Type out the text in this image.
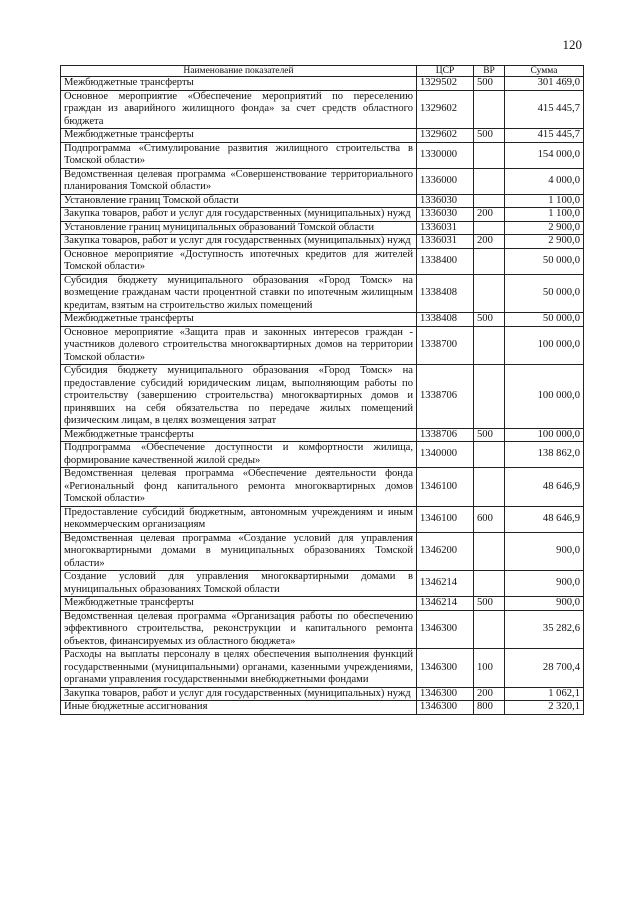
120
Наименование показателей	ЦСР	ВР	Сумма
Межбюджетные трансферты	1329502	500	301 469,0
Основное мероприятие «Обеспечение мероприятий по переселению граждан из аварийного жилищного фонда» за счет средств областного бюджета	1329602		415 445,7
Межбюджетные трансферты	1329602	500	415 445,7
Подпрограмма «Стимулирование развития жилищного строительства в Томской области»	1330000		154 000,0
Ведомственная целевая программа «Совершенствование территориального планирования Томской области»	1336000		4 000,0
Установление границ Томской области	1336030		1 100,0
Закупка товаров, работ и услуг для государственных (муниципальных) нужд	1336030	200	1 100,0
Установление границ муниципальных образований Томской области	1336031		2 900,0
Закупка товаров, работ и услуг для государственных (муниципальных) нужд	1336031	200	2 900,0
Основное мероприятие «Доступность ипотечных кредитов для жителей Томской области»	1338400		50 000,0
Субсидия бюджету муниципального образования «Город Томск» на возмещение гражданам части процентной ставки по ипотечным жилищным кредитам, взятым на строительство жилых помещений	1338408		50 000,0
Межбюджетные трансферты	1338408	500	50 000,0
Основное мероприятие «Защита прав и законных интересов граждан - участников долевого строительства многоквартирных домов на территории Томской области»	1338700		100 000,0
Субсидия бюджету муниципального образования «Город Томск» на предоставление субсидий юридическим лицам, выполняющим работы по строительству (завершению строительства) многоквартирных домов и принявших на себя обязательства по передаче жилых помещений физическим лицам, в целях возмещения затрат	1338706		100 000,0
Межбюджетные трансферты	1338706	500	100 000,0
Подпрограмма «Обеспечение доступности и комфортности жилища, формирование качественной жилой среды»	1340000		138 862,0
Ведомственная целевая программа «Обеспечение деятельности фонда «Региональный фонд капитального ремонта многоквартирных домов Томской области»	1346100		48 646,9
Предоставление субсидий бюджетным, автономным учреждениям и иным некоммерческим организациям	1346100	600	48 646,9
Ведомственная целевая программа «Создание условий для управления многоквартирными домами в муниципальных образованиях Томской области»	1346200		900,0
Создание условий для управления многоквартирными домами в муниципальных образованиях Томской области	1346214		900,0
Межбюджетные трансферты	1346214	500	900,0
Ведомственная целевая программа «Организация работы по обеспечению эффективного строительства, реконструкции и капитального ремонта объектов, финансируемых из областного бюджета»	1346300		35 282,6
Расходы на выплаты персоналу в целях обеспечения выполнения функций государственными (муниципальными) органами, казенными учреждениями, органами управления государственными внебюджетными фондами	1346300	100	28 700,4
Закупка товаров, работ и услуг для государственных (муниципальных) нужд	1346300	200	1 062,1
Иные бюджетные ассигнования	1346300	800	2 320,1
